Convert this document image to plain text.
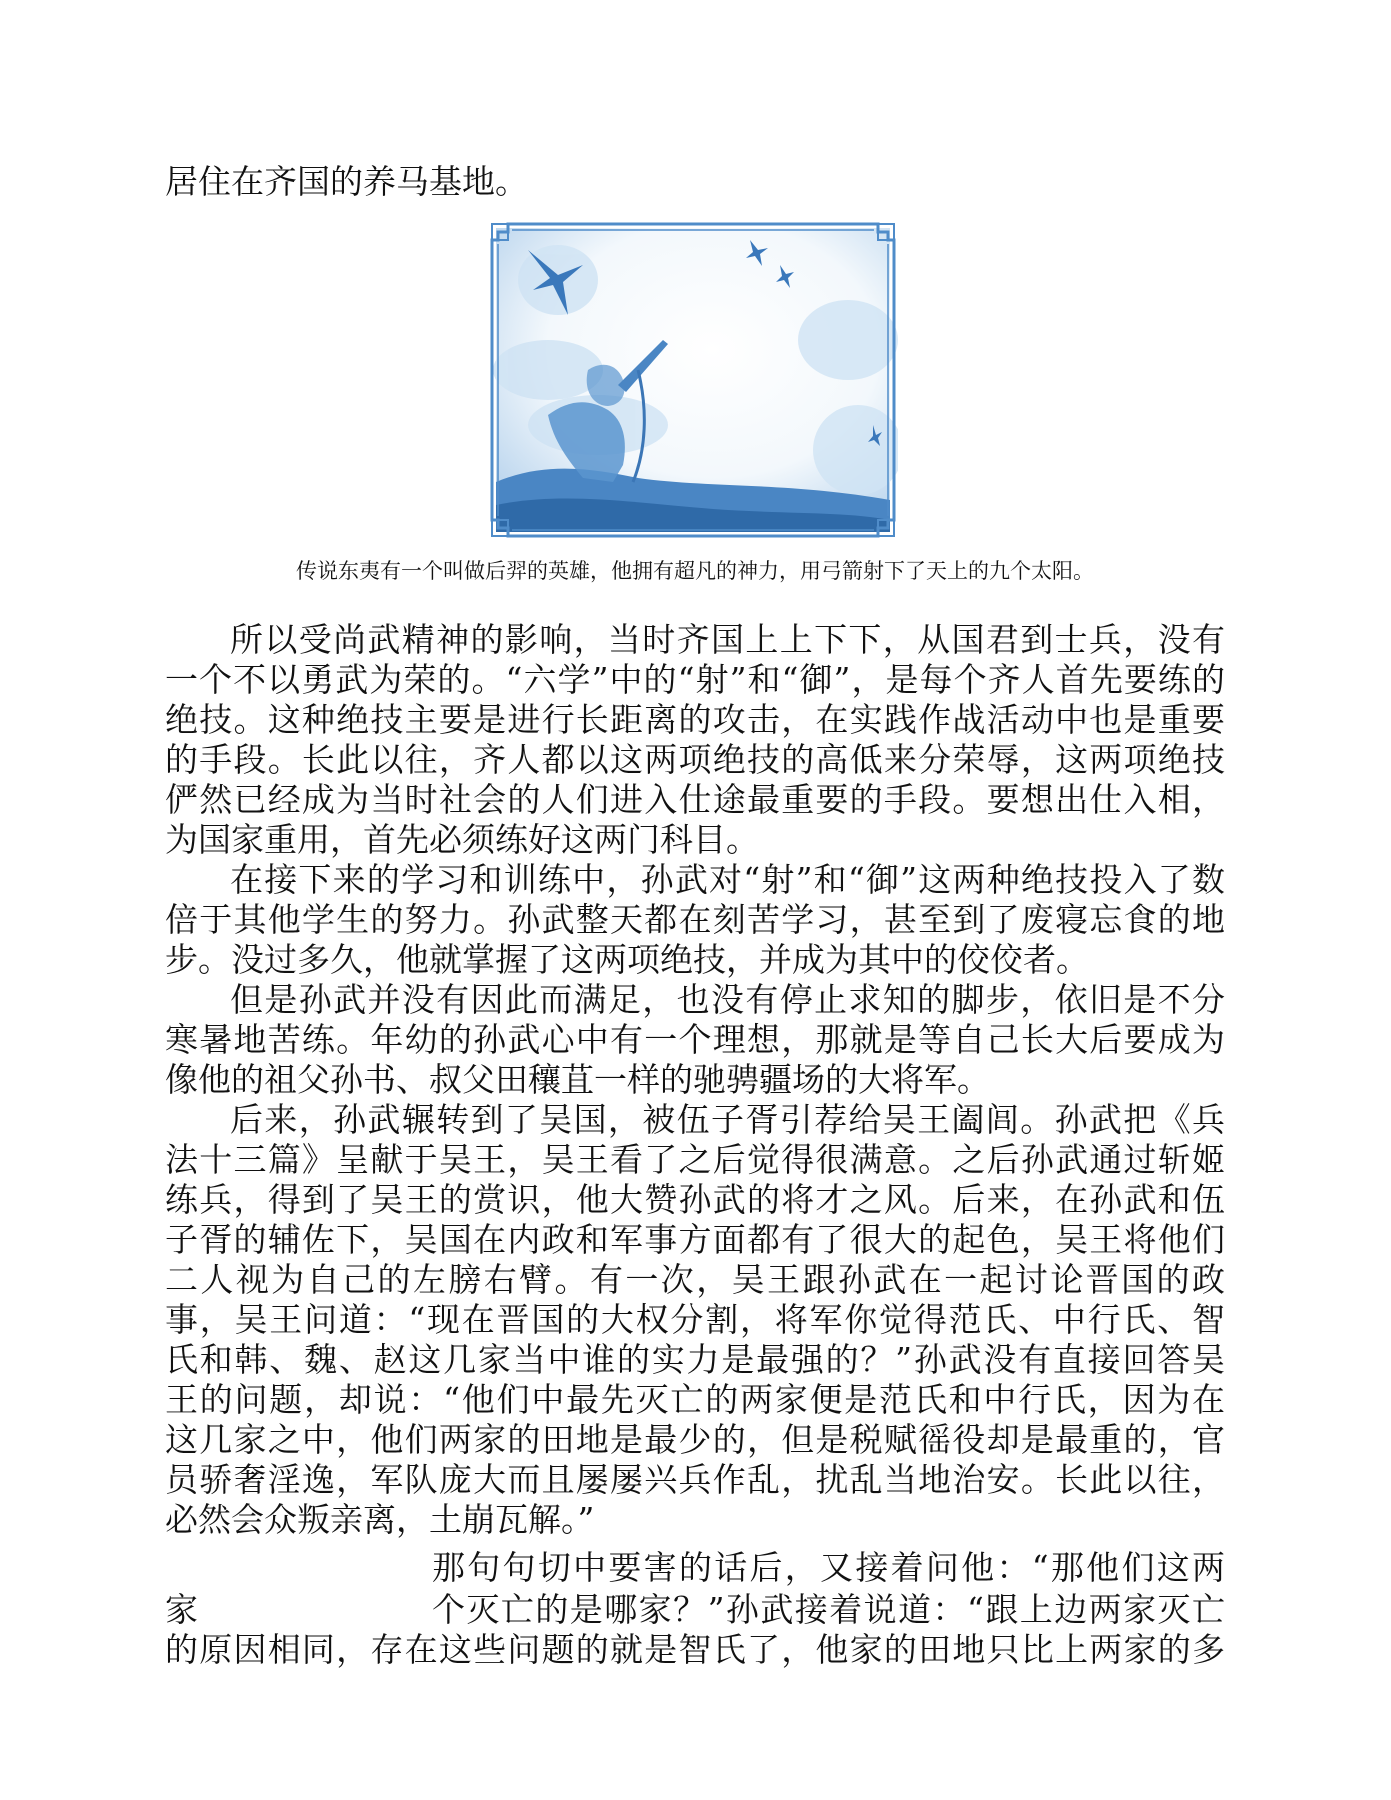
居住在齐国的养马基地。
传说东夷有一个叫做后羿的英雄，他拥有超凡的神力，用弓箭射下了天上的九个太阳。
所以受尚武精神的影响，当时齐国上上下下，从国君到士兵，没有
一个不以勇武为荣的。“六学”中的“射”和“御”，是每个齐人首先要练的
绝技。这种绝技主要是进行长距离的攻击，在实践作战活动中也是重要
的手段。长此以往，齐人都以这两项绝技的高低来分荣辱，这两项绝技
俨然已经成为当时社会的人们进入仕途最重要的手段。要想出仕入相，
为国家重用，首先必须练好这两门科目。
在接下来的学习和训练中，孙武对“射”和“御”这两种绝技投入了数
倍于其他学生的努力。孙武整天都在刻苦学习，甚至到了废寝忘食的地
步。没过多久，他就掌握了这两项绝技，并成为其中的佼佼者。
但是孙武并没有因此而满足，也没有停止求知的脚步，依旧是不分
寒暑地苦练。年幼的孙武心中有一个理想，那就是等自己长大后要成为
像他的祖父孙书、叔父田穰苴一样的驰骋疆场的大将军。
后来，孙武辗转到了吴国，被伍子胥引荐给吴王阖闾。孙武把《兵
法十三篇》呈献于吴王，吴王看了之后觉得很满意。之后孙武通过斩姬
练兵，得到了吴王的赏识，他大赞孙武的将才之风。后来，在孙武和伍
子胥的辅佐下，吴国在内政和军事方面都有了很大的起色，吴王将他们
二人视为自己的左膀右臂。有一次，吴王跟孙武在一起讨论晋国的政
事，吴王问道：“现在晋国的大权分割，将军你觉得范氏、中行氏、智
氏和韩、魏、赵这几家当中谁的实力是最强的？”孙武没有直接回答吴
王的问题，却说：“他们中最先灭亡的两家便是范氏和中行氏，因为在
这几家之中，他们两家的田地是最少的，但是税赋徭役却是最重的，官
员骄奢淫逸，军队庞大而且屡屡兴兵作乱，扰乱当地治安。长此以往，
必然会众叛亲离，土崩瓦解。”
那句句切中要害的话后，又接着问他：“那他们这两
家	个灭亡的是哪家？”孙武接着说道：“跟上边两家灭亡
的原因相同，存在这些问题的就是智氏了，他家的田地只比上两家的多
